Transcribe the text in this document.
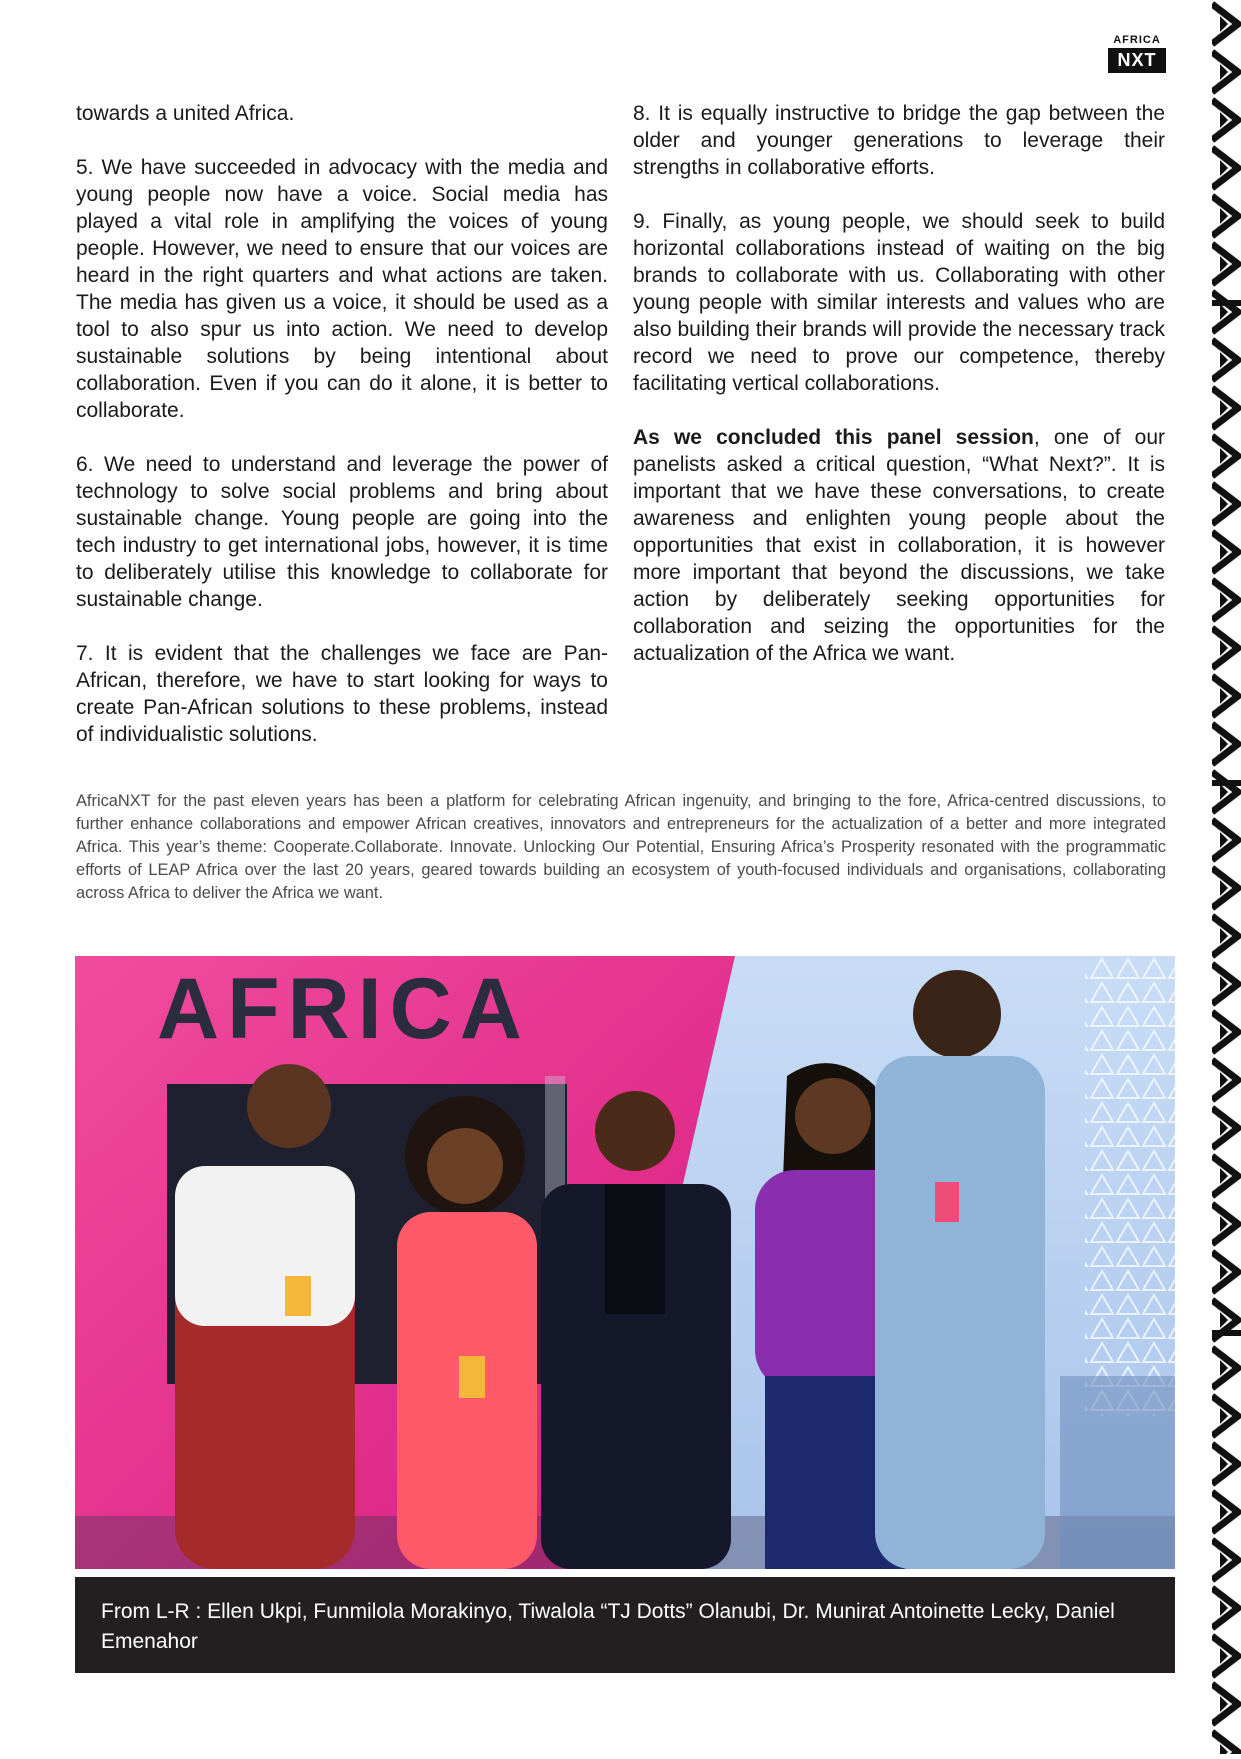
AFRICA
NXT

towards a united Africa.

5. We have succeeded in advocacy with the media and young people now have a voice. Social media has played a vital role in amplifying the voices of young people. However, we need to ensure that our voices are heard in the right quarters and what actions are taken. The media has given us a voice, it should be used as a tool to also spur us into action. We need to develop sustainable solutions by being intentional about collaboration. Even if you can do it alone, it is better to collaborate.

6. We need to understand and leverage the power of technology to solve social problems and bring about sustainable change. Young people are going into the tech industry to get international jobs, however, it is time to deliberately utilise this knowledge to collaborate for sustainable change.

7. It is evident that the challenges we face are Pan-African, therefore, we have to start looking for ways to create Pan-African solutions to these problems, instead of individualistic solutions.

8. It is equally instructive to bridge the gap between the older and younger generations to leverage their strengths in collaborative efforts.

9. Finally, as young people, we should seek to build horizontal collaborations instead of waiting on the big brands to collaborate with us. Collaborating with other young people with similar interests and values who are also building their brands will provide the necessary track record we need to prove our competence, thereby facilitating vertical collaborations.

As we concluded this panel session, one of our panelists asked a critical question, “What Next?”. It is important that we have these conversations, to create awareness and enlighten young people about the opportunities that exist in collaboration, it is however more important that beyond the discussions, we take action by deliberately seeking opportunities for collaboration and seizing the opportunities for the actualization of the Africa we want.

AfricaNXT for the past eleven years has been a platform for celebrating African ingenuity, and bringing to the fore, Africa-centred discussions, to further enhance collaborations and empower African creatives, innovators and entrepreneurs for the actualization of a better and more integrated Africa. This year’s theme: Cooperate.Collaborate. Innovate. Unlocking Our Potential, Ensuring Africa’s Prosperity resonated with the programmatic efforts of LEAP Africa over the last 20 years, geared towards building an ecosystem of youth-focused individuals and organisations, collaborating across Africa to deliver the Africa we want.

AFRICA
From L-R : Ellen Ukpi, Funmilola Morakinyo, Tiwalola “TJ Dotts” Olanubi, Dr. Munirat Antoinette Lecky, Daniel Emenahor
